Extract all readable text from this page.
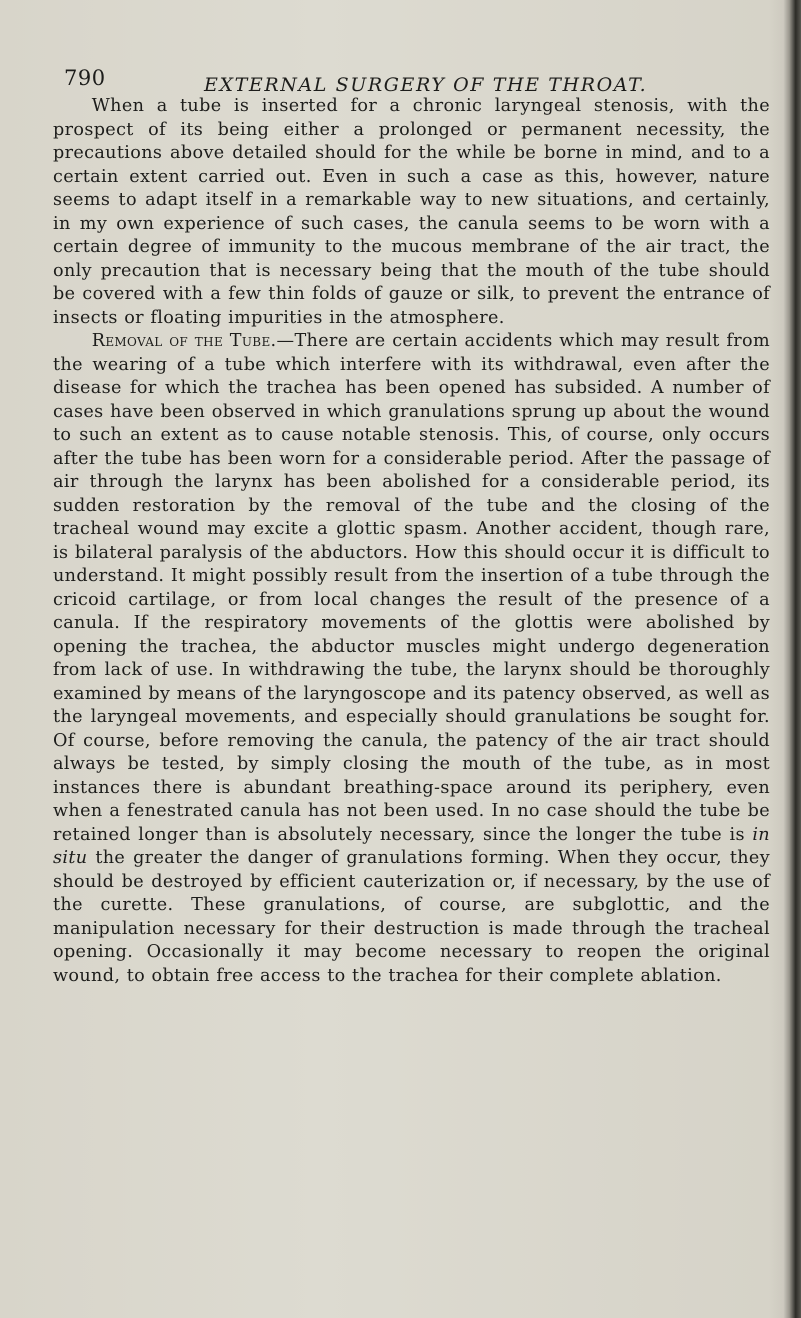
790	EXTERNAL SURGERY OF THE THROAT.

When a tube is inserted for a chronic laryngeal stenosis, with the prospect of its being either a prolonged or permanent necessity, the precautions above detailed should for the while be borne in mind, and to a certain extent carried out. Even in such a case as this, however, nature seems to adapt itself in a remarkable way to new situations, and certainly, in my own experience of such cases, the canula seems to be worn with a certain degree of immunity to the mucous membrane of the air tract, the only precaution that is necessary being that the mouth of the tube should be covered with a few thin folds of gauze or silk, to prevent the entrance of insects or floating impurities in the atmosphere.

Removal of the Tube.—There are certain accidents which may result from the wearing of a tube which interfere with its withdrawal, even after the disease for which the trachea has been opened has subsided. A number of cases have been observed in which granulations sprung up about the wound to such an extent as to cause notable stenosis. This, of course, only occurs after the tube has been worn for a considerable period. After the passage of air through the larynx has been abolished for a considerable period, its sudden restoration by the removal of the tube and the closing of the tracheal wound may excite a glottic spasm. Another accident, though rare, is bilateral paralysis of the abductors. How this should occur it is difficult to understand. It might possibly result from the insertion of a tube through the cricoid cartilage, or from local changes the result of the presence of a canula. If the respiratory movements of the glottis were abolished by opening the trachea, the abductor muscles might undergo degeneration from lack of use. In withdrawing the tube, the larynx should be thoroughly examined by means of the laryngoscope and its patency observed, as well as the laryngeal movements, and especially should granulations be sought for. Of course, before removing the canula, the patency of the air tract should always be tested, by simply closing the mouth of the tube, as in most instances there is abundant breathing-space around its periphery, even when a fenestrated canula has not been used. In no case should the tube be retained longer than is absolutely necessary, since the longer the tube is in situ the greater the danger of granulations forming. When they occur, they should be destroyed by efficient cauterization or, if necessary, by the use of the curette. These granulations, of course, are subglottic, and the manipulation necessary for their destruction is made through the tracheal opening. Occasionally it may become necessary to reopen the original wound, to obtain free access to the trachea for their complete ablation.
